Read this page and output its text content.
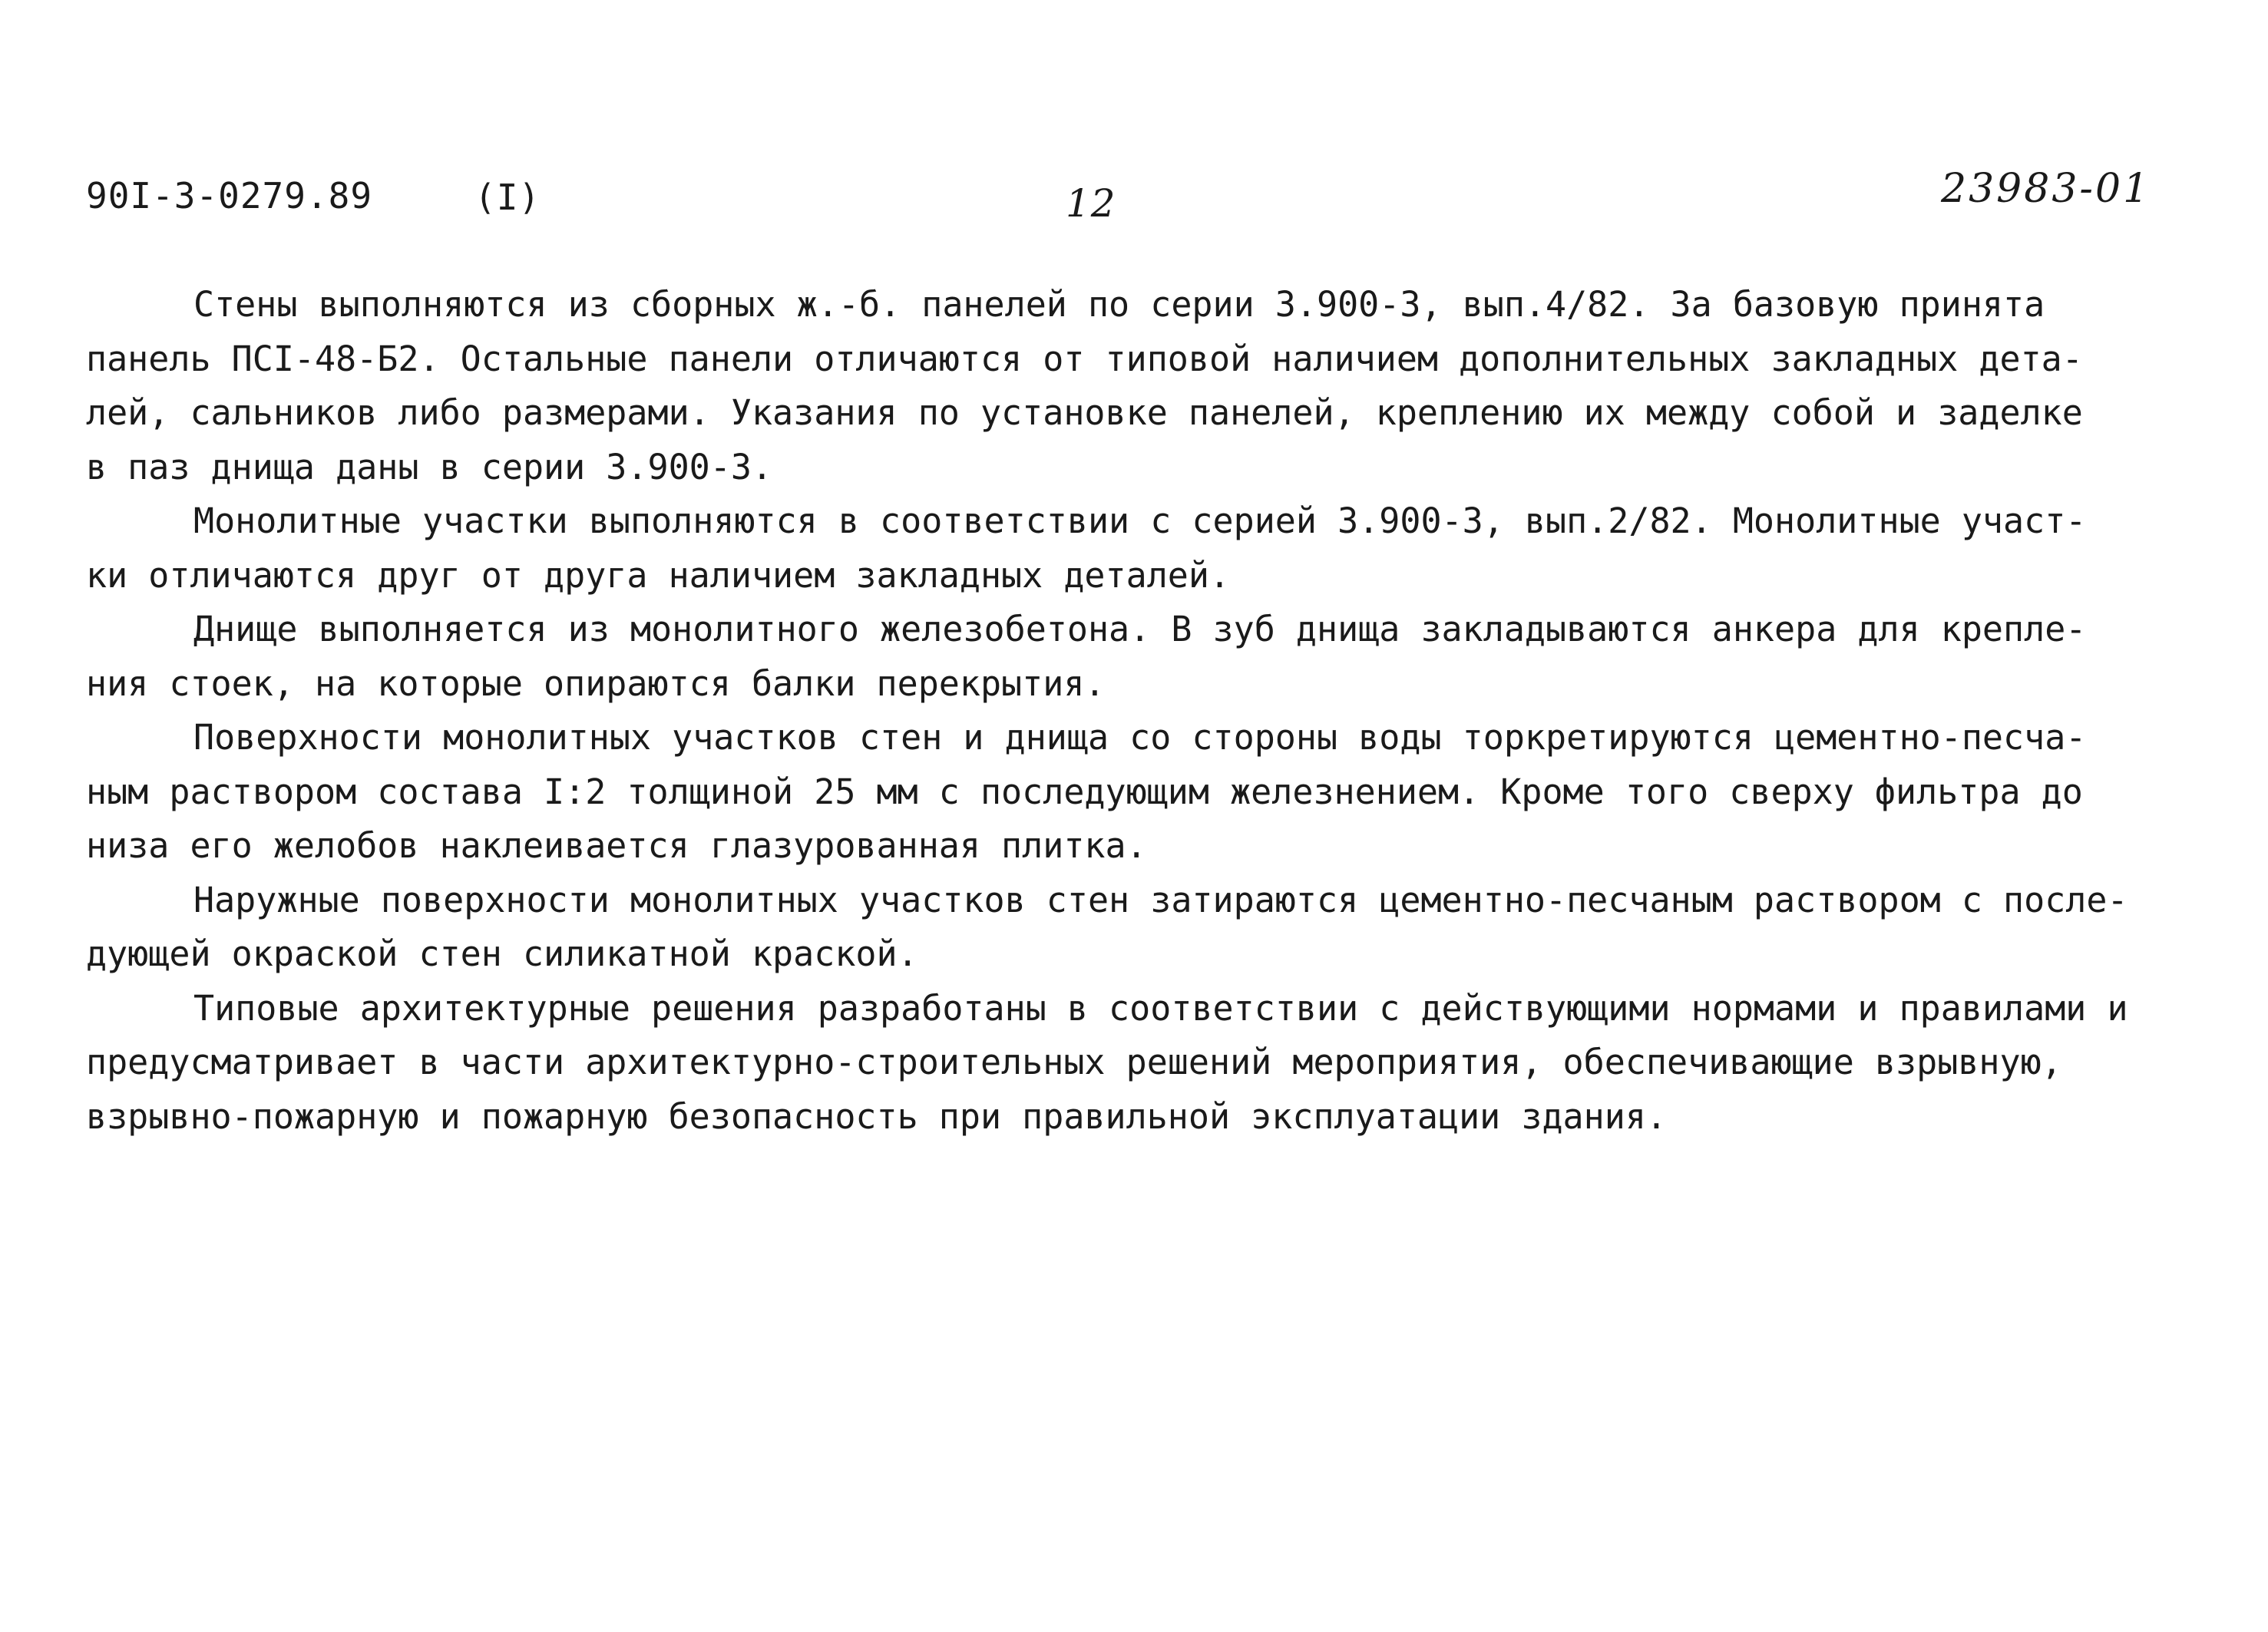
90I-3-0279.89	(I)	12	23983-01

Стены выполняются из сборных ж.-б. панелей по серии 3.900-3, вып.4/82. За базовую принята
панель ПСI-48-Б2. Остальные панели отличаются от типовой наличием дополнительных закладных дета-
лей, сальников либо размерами. Указания по установке панелей, креплению их между собой и заделке
в паз днища даны в серии 3.900-3.

Монолитные участки выполняются в соответствии с серией 3.900-3, вып.2/82. Монолитные участ-
ки отличаются друг от друга наличием закладных деталей.

Днище выполняется из монолитного железобетона. В зуб днища закладываются анкера для крепле-
ния стоек, на которые опираются балки перекрытия.

Поверхности монолитных участков стен и днища со стороны воды торкретируются цементно-песча-
ным раствором состава I:2 толщиной 25 мм с последующим железнением. Кроме того сверху фильтра до
низа его желобов наклеивается глазурованная плитка.

Наружные поверхности монолитных участков стен затираются цементно-песчаным раствором с после-
дующей окраской стен силикатной краской.

Типовые архитектурные решения разработаны в соответствии с действующими нормами и правилами и
предусматривает в части архитектурно-строительных решений мероприятия, обеспечивающие взрывную,
взрывно-пожарную и пожарную безопасность при правильной эксплуатации здания.
